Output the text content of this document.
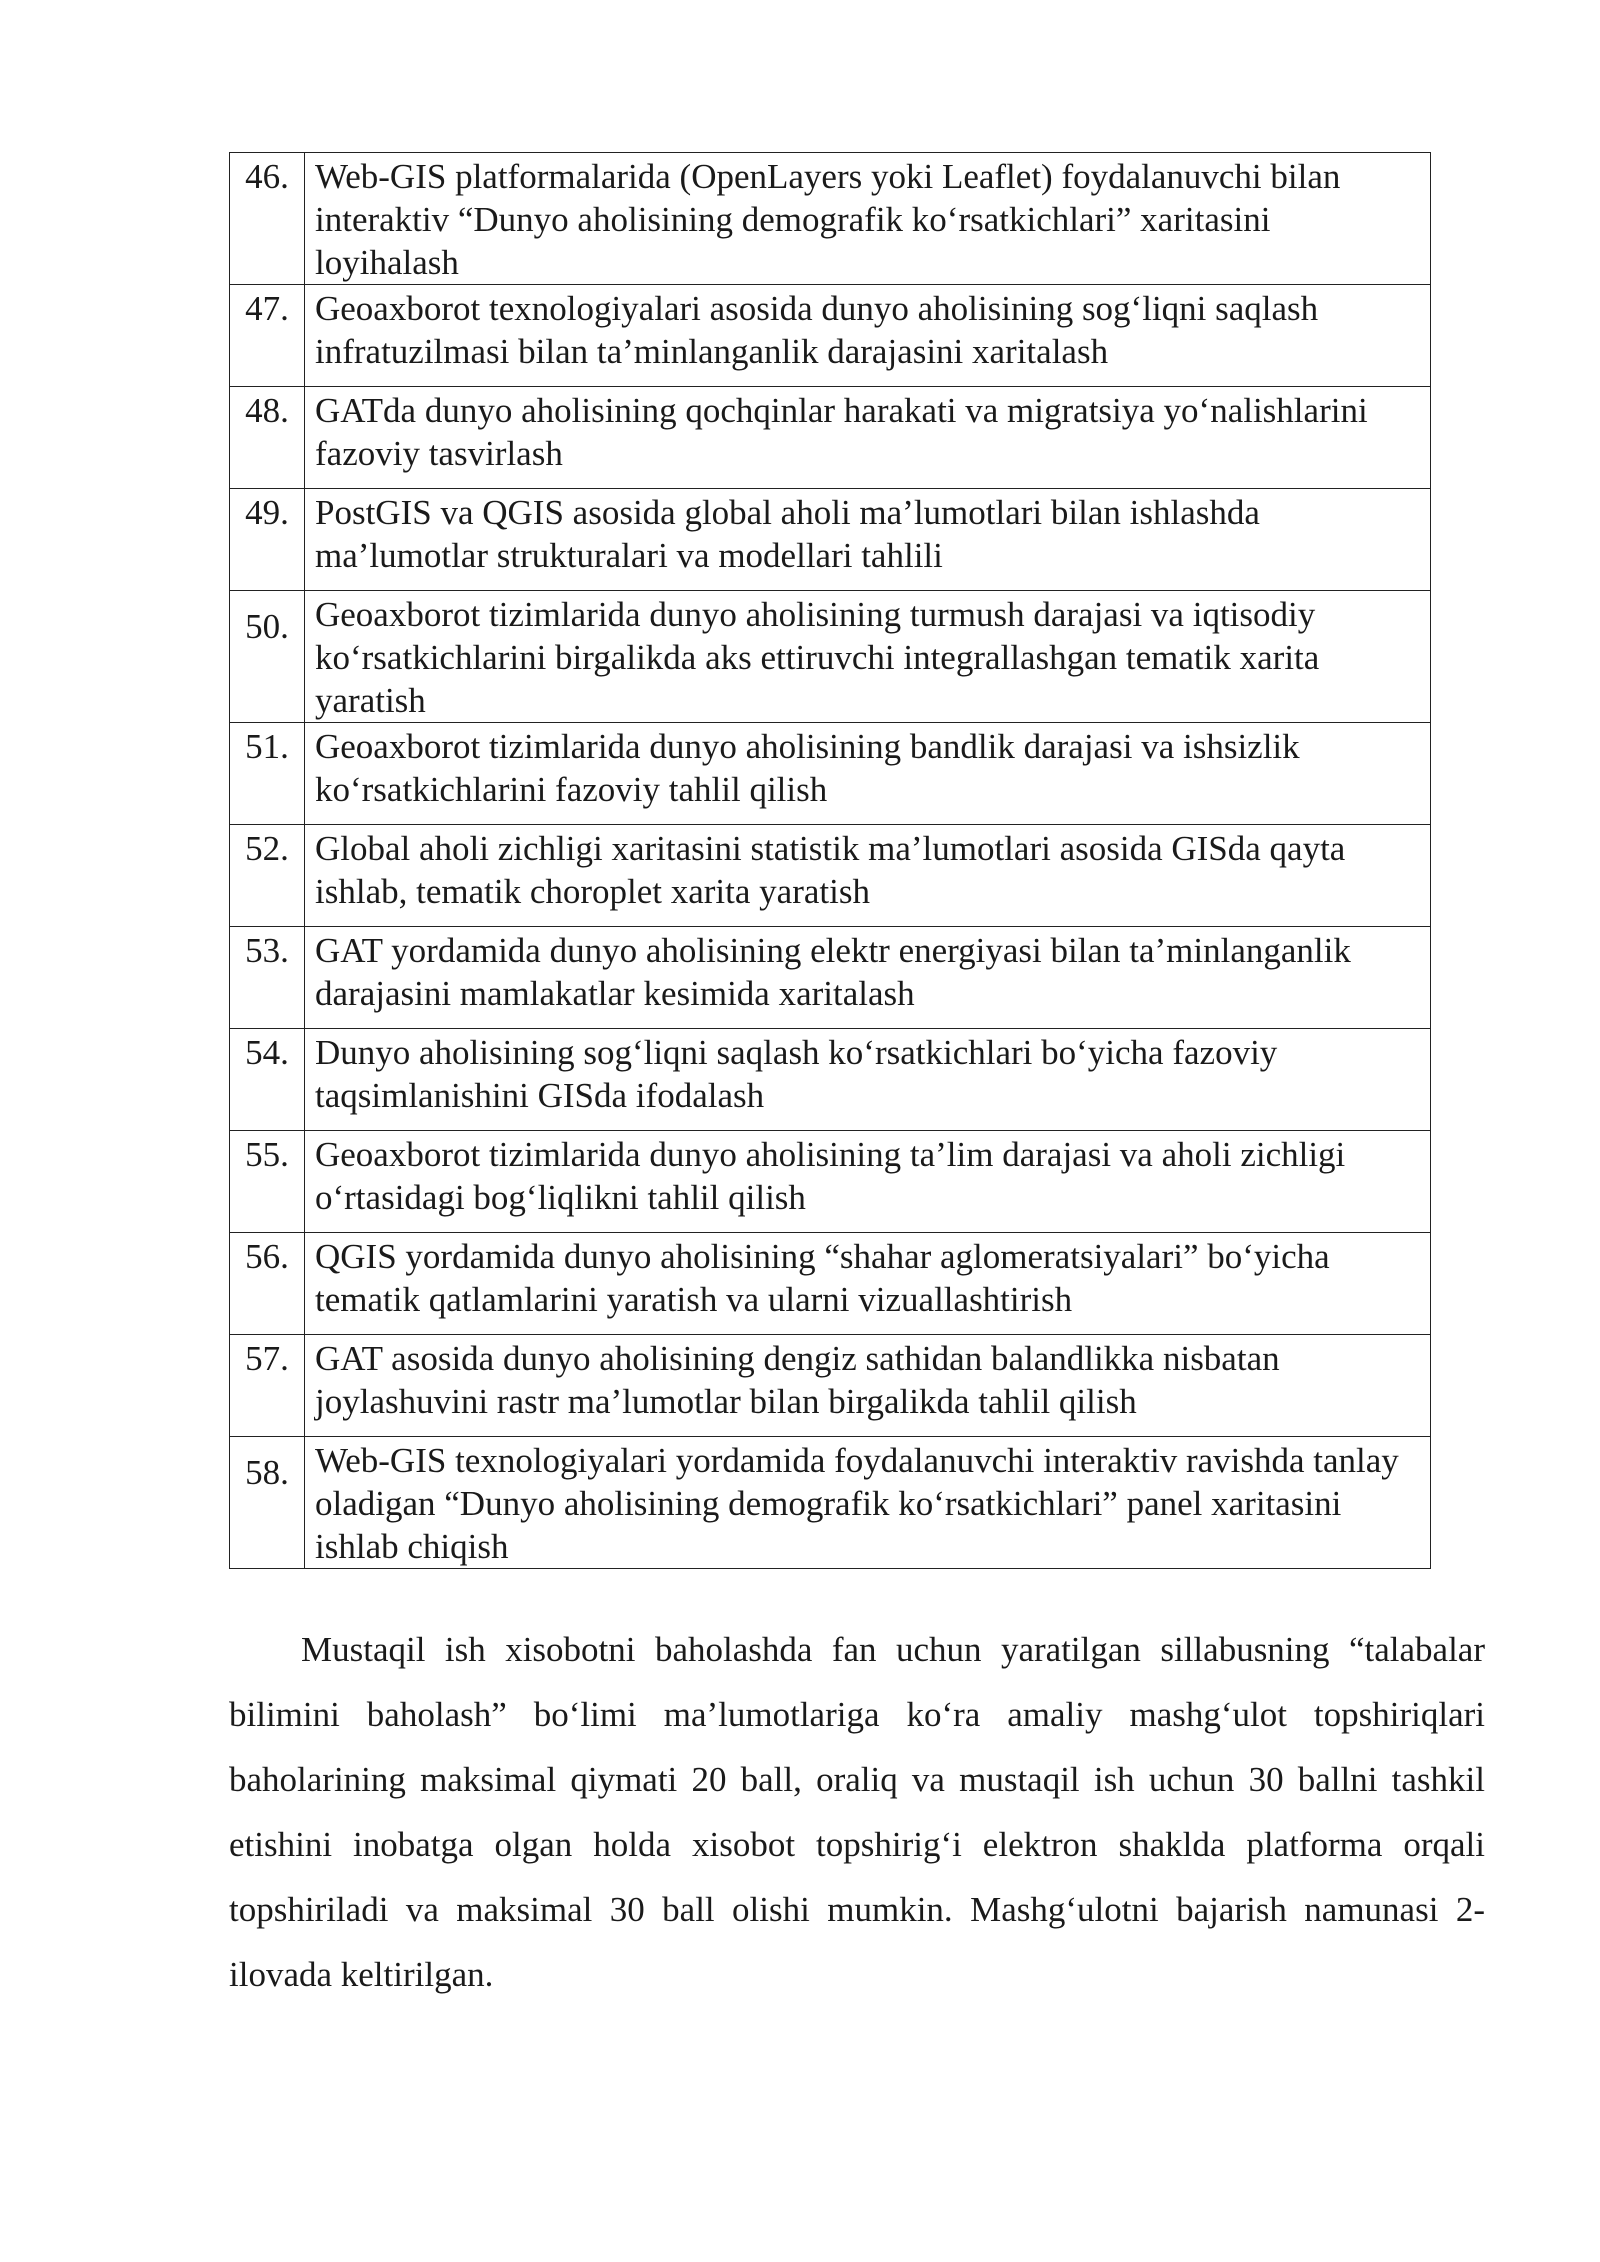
46.	Web-GIS platformalarida (OpenLayers yoki Leaflet) foydalanuvchi bilan interaktiv “Dunyo aholisining demografik ko‘rsatkichlari” xaritasini loyihalash
47.	Geoaxborot texnologiyalari asosida dunyo aholisining sog‘liqni saqlash infratuzilmasi bilan ta’minlanganlik darajasini xaritalash
48.	GATda dunyo aholisining qochqinlar harakati va migratsiya yo‘nalishlarini fazoviy tasvirlash
49.	PostGIS va QGIS asosida global aholi ma’lumotlari bilan ishlashda ma’lumotlar strukturalari va modellari tahlili
50.	Geoaxborot tizimlarida dunyo aholisining turmush darajasi va iqtisodiy ko‘rsatkichlarini birgalikda aks ettiruvchi integrallashgan tematik xarita yaratish
51.	Geoaxborot tizimlarida dunyo aholisining bandlik darajasi va ishsizlik ko‘rsatkichlarini fazoviy tahlil qilish
52.	Global aholi zichligi xaritasini statistik ma’lumotlari asosida GISda qayta ishlab, tematik choroplet xarita yaratish
53.	GAT yordamida dunyo aholisining elektr energiyasi bilan ta’minlanganlik darajasini mamlakatlar kesimida xaritalash
54.	Dunyo aholisining sog‘liqni saqlash ko‘rsatkichlari bo‘yicha fazoviy taqsimlanishini GISda ifodalash
55.	Geoaxborot tizimlarida dunyo aholisining ta’lim darajasi va aholi zichligi o‘rtasidagi bog‘liqlikni tahlil qilish
56.	QGIS yordamida dunyo aholisining “shahar aglomeratsiyalari” bo‘yicha tematik qatlamlarini yaratish va ularni vizuallashtirish
57.	GAT asosida dunyo aholisining dengiz sathidan balandlikka nisbatan joylashuvini rastr ma’lumotlar bilan birgalikda tahlil qilish
58.	Web-GIS texnologiyalari yordamida foydalanuvchi interaktiv ravishda tanlay oladigan “Dunyo aholisining demografik ko‘rsatkichlari” panel xaritasini ishlab chiqish

Mustaqil ish xisobotni baholashda fan uchun yaratilgan sillabusning “talabalar bilimini baholash” bo‘limi ma’lumotlariga ko‘ra amaliy mashg‘ulot topshiriqlari baholarining maksimal qiymati 20 ball, oraliq va mustaqil ish uchun 30 ballni tashkil etishini inobatga olgan holda xisobot topshirig‘i elektron shaklda platforma orqali topshiriladi va maksimal 30 ball olishi mumkin. Mashg‘ulotni bajarish namunasi 2-ilovada keltirilgan.
